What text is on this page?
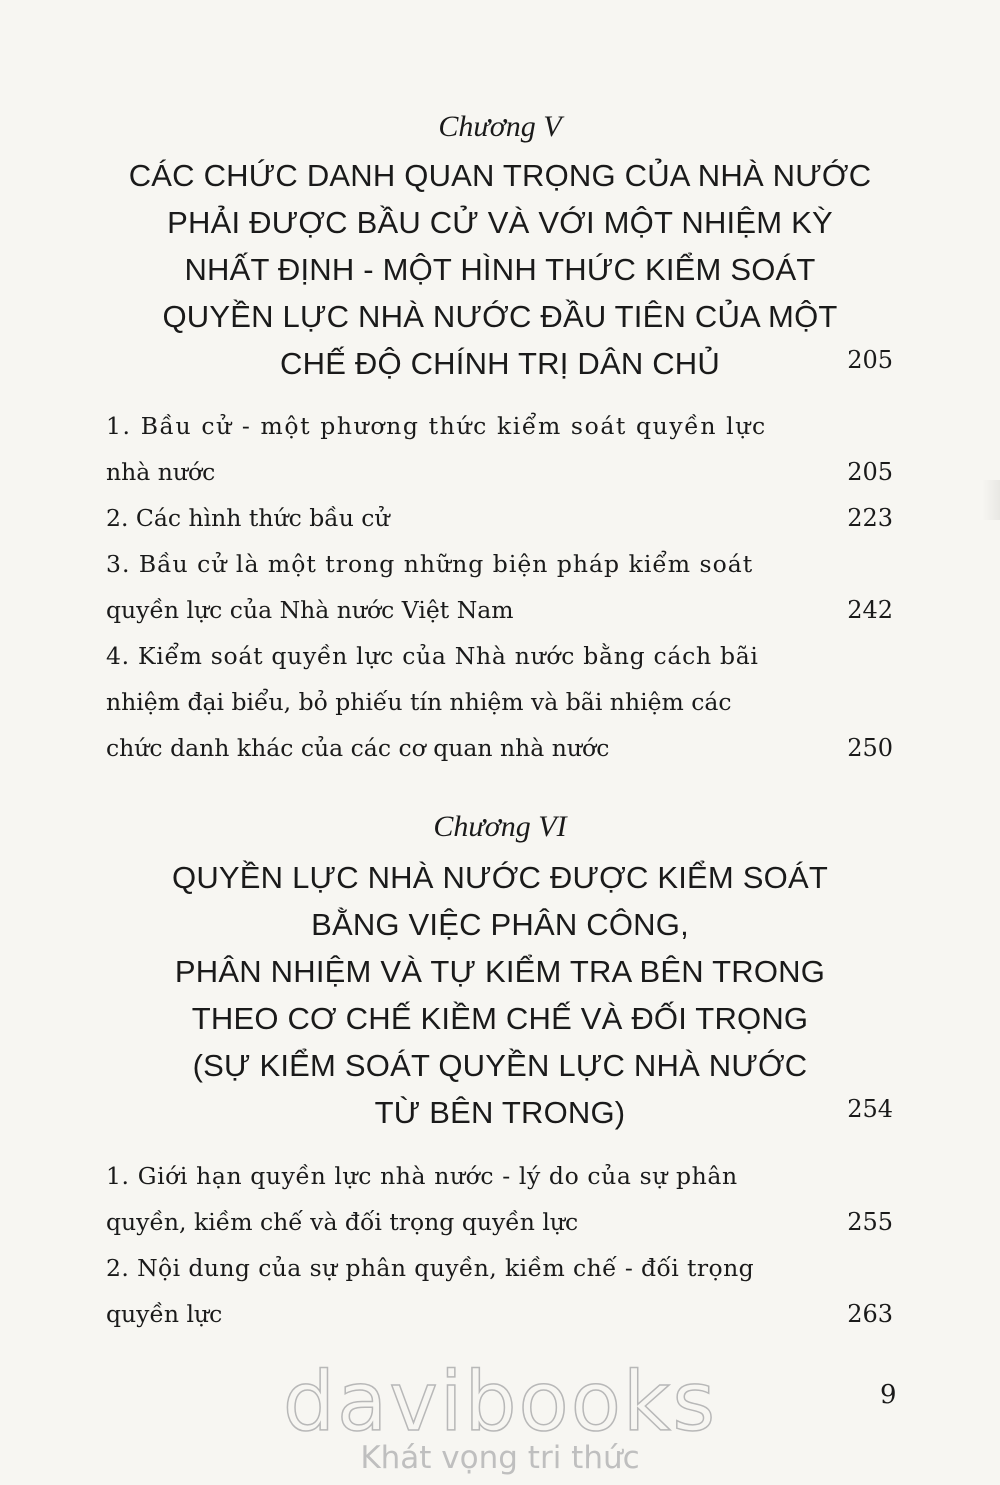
Chương V
CÁC CHỨC DANH QUAN TRỌNG CỦA NHÀ NƯỚC
PHẢI ĐƯỢC BẦU CỬ VÀ VỚI MỘT NHIỆM KỲ
NHẤT ĐỊNH - MỘT HÌNH THỨC KIỂM SOÁT
QUYỀN LỰC NHÀ NƯỚC ĐẦU TIÊN CỦA MỘT
CHẾ ĐỘ CHÍNH TRỊ DÂN CHỦ	205
1. Bầu cử - một phương thức kiểm soát quyền lực
nhà nước	205
2. Các hình thức bầu cử	223
3. Bầu cử là một trong những biện pháp kiểm soát
quyền lực của Nhà nước Việt Nam	242
4. Kiểm soát quyền lực của Nhà nước bằng cách bãi
nhiệm đại biểu, bỏ phiếu tín nhiệm và bãi nhiệm các
chức danh khác của các cơ quan nhà nước	250
Chương VI
QUYỀN LỰC NHÀ NƯỚC ĐƯỢC KIỂM SOÁT
BẰNG VIỆC PHÂN CÔNG,
PHÂN NHIỆM VÀ TỰ KIỂM TRA BÊN TRONG
THEO CƠ CHẾ KIỀM CHẾ VÀ ĐỐI TRỌNG
(SỰ KIỂM SOÁT QUYỀN LỰC NHÀ NƯỚC
TỪ BÊN TRONG)	254
1. Giới hạn quyền lực nhà nước - lý do của sự phân
quyền, kiềm chế và đối trọng quyền lực	255
2. Nội dung của sự phân quyền, kiềm chế - đối trọng
quyền lực	263
9
davibooks
Khát vọng tri thức
